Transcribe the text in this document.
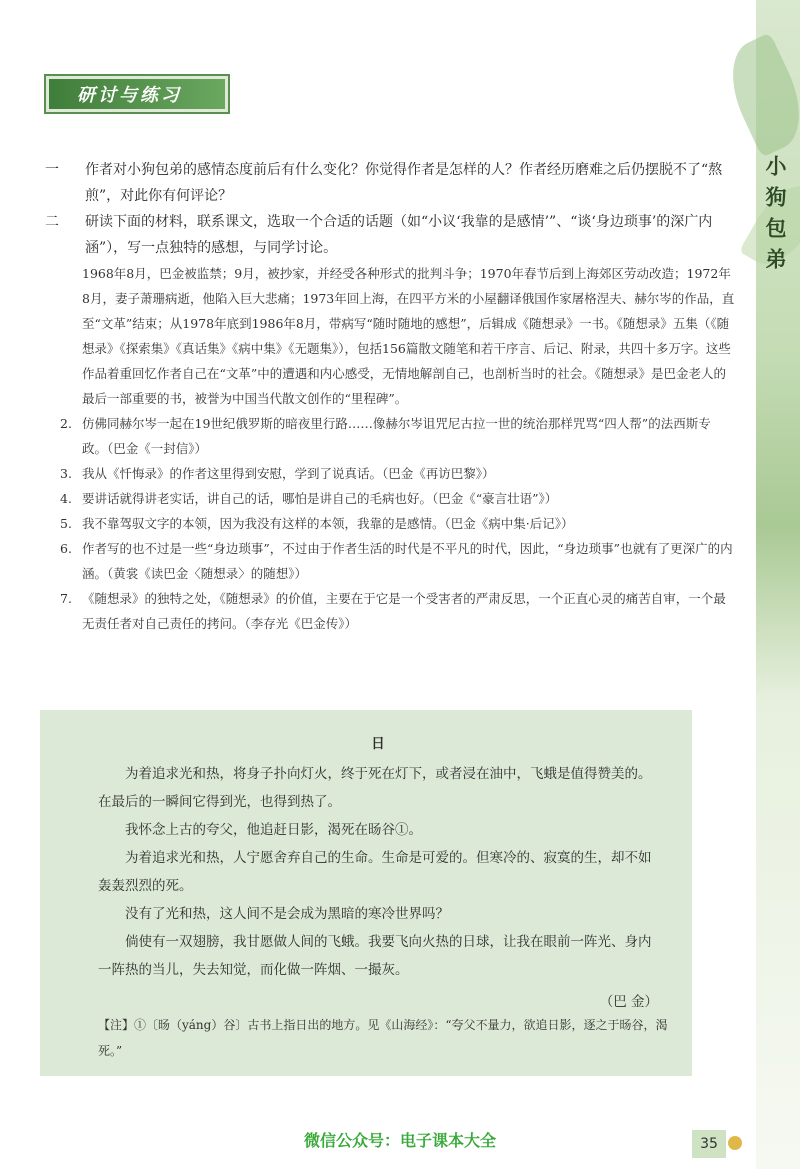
小狗包弟
研讨与练习
一 作者对小狗包弟的感情态度前后有什么变化？你觉得作者是怎样的人？作者经历磨难之后仍摆脱不了“熬煎”，对此你有何评论？
二 研读下面的材料，联系课文，选取一个合适的话题（如“小议‘我靠的是感情’”、“谈‘身边琐事’的深广内涵”），写一点独特的感想，与同学讨论。
1968年8月，巴金被监禁；9月，被抄家，并经受各种形式的批判斗争；1970年春节后到上海郊区劳动改造；1972年8月，妻子萧珊病逝，他陷入巨大悲痛；1973年回上海，在四平方米的小屋翻译俄国作家屠格涅夫、赫尔岑的作品，直至“文革”结束；从1978年底到1986年8月，带病写“随时随地的感想”，后辑成《随想录》一书。《随想录》五集（《随想录》《探索集》《真话集》《病中集》《无题集》），包括156篇散文随笔和若干序言、后记、附录，共四十多万字。这些作品着重回忆作者自己在“文革”中的遭遇和内心感受，无情地解剖自己，也剖析当时的社会。《随想录》是巴金老人的最后一部重要的书，被誉为中国当代散文创作的“里程碑”。
2. 仿佛同赫尔岑一起在19世纪俄罗斯的暗夜里行路……像赫尔岑诅咒尼古拉一世的统治那样咒骂“四人帮”的法西斯专政。（巴金《一封信》）
3. 我从《忏悔录》的作者这里得到安慰，学到了说真话。（巴金《再访巴黎》）
4. 要讲话就得讲老实话，讲自己的话，哪怕是讲自己的毛病也好。（巴金《“豪言壮语”》）
5. 我不靠驾驭文字的本领，因为我没有这样的本领，我靠的是感情。（巴金《病中集·后记》）
6. 作者写的也不过是一些“身边琐事”，不过由于作者生活的时代是不平凡的时代，因此，“身边琐事”也就有了更深广的内涵。（黄裳《读巴金〈随想录〉的随想》）
7. 《随想录》的独特之处，《随想录》的价值，主要在于它是一个受害者的严肃反思，一个正直心灵的痛苦自审，一个最无责任者对自己责任的拷问。（李存光《巴金传》）
日

为着追求光和热，将身子扑向灯火，终于死在灯下，或者浸在油中，飞蛾是值得赞美的。在最后的一瞬间它得到光，也得到热了。

我怀念上古的夸父，他追赶日影，渴死在旸谷①。

为着追求光和热，人宁愿舍弃自己的生命。生命是可爱的。但寒冷的、寂寞的生，却不如轰轰烈烈的死。

没有了光和热，这人间不是会成为黑暗的寒冷世界吗？

倘使有一双翅膀，我甘愿做人间的飞蛾。我要飞向火热的日球，让我在眼前一阵光、身内一阵热的当儿，失去知觉，而化做一阵烟、一撮灰。

（巴 金）
【注】①〔旸（yáng）谷〕古书上指日出的地方。见《山海经》：“夸父不量力，欲追日影，逐之于旸谷，渴死。”
微信公众号：电子课本大全	35
